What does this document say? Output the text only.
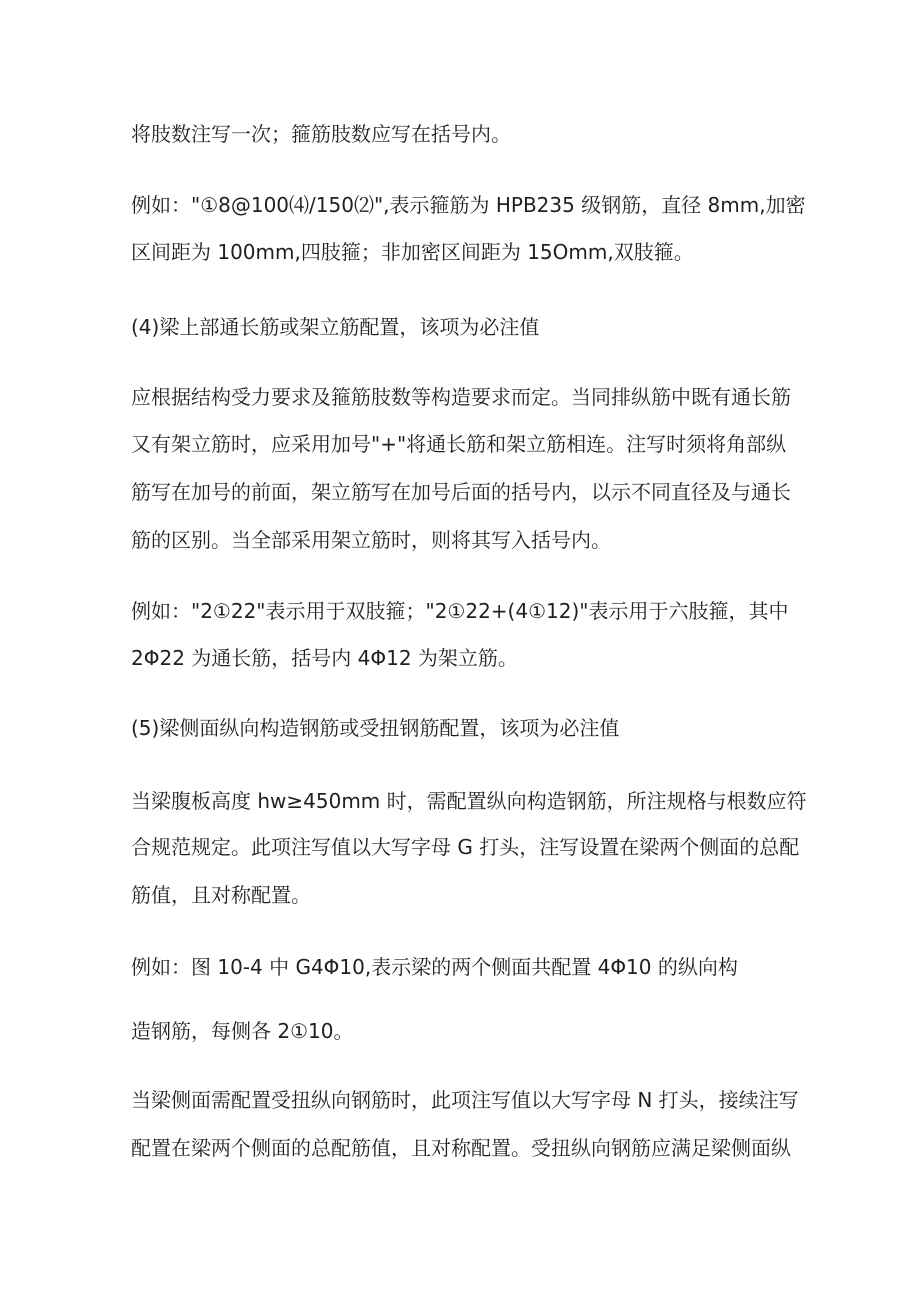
将肢数注写一次；箍筋肢数应写在括号内。

例如："①8@100⑷/150⑵",表示箍筋为 HPB235 级钢筋，直径 8mm,加密

区间距为 100mm,四肢箍；非加密区间距为 15Omm,双肢箍。

(4)梁上部通长筋或架立筋配置，该项为必注值

应根据结构受力要求及箍筋肢数等构造要求而定。当同排纵筋中既有通长筋

又有架立筋时，应采用加号"+"将通长筋和架立筋相连。注写时须将角部纵

筋写在加号的前面，架立筋写在加号后面的括号内，以示不同直径及与通长

筋的区别。当全部采用架立筋时，则将其写入括号内。

例如："2①22"表示用于双肢箍；"2①22+(4①12)"表示用于六肢箍，其中

2Φ22 为通长筋，括号内 4Φ12 为架立筋。

(5)梁侧面纵向构造钢筋或受扭钢筋配置，该项为必注值

当梁腹板高度 hw≥450mm 时，需配置纵向构造钢筋，所注规格与根数应符

合规范规定。此项注写值以大写字母 G 打头，注写设置在梁两个侧面的总配

筋值，且对称配置。

例如：图 10-4 中 G4Φ10,表示梁的两个侧面共配置 4Φ10 的纵向构

造钢筋，每侧各 2①10。

当梁侧面需配置受扭纵向钢筋时，此项注写值以大写字母 N 打头，接续注写

配置在梁两个侧面的总配筋值，且对称配置。受扭纵向钢筋应满足梁侧面纵
